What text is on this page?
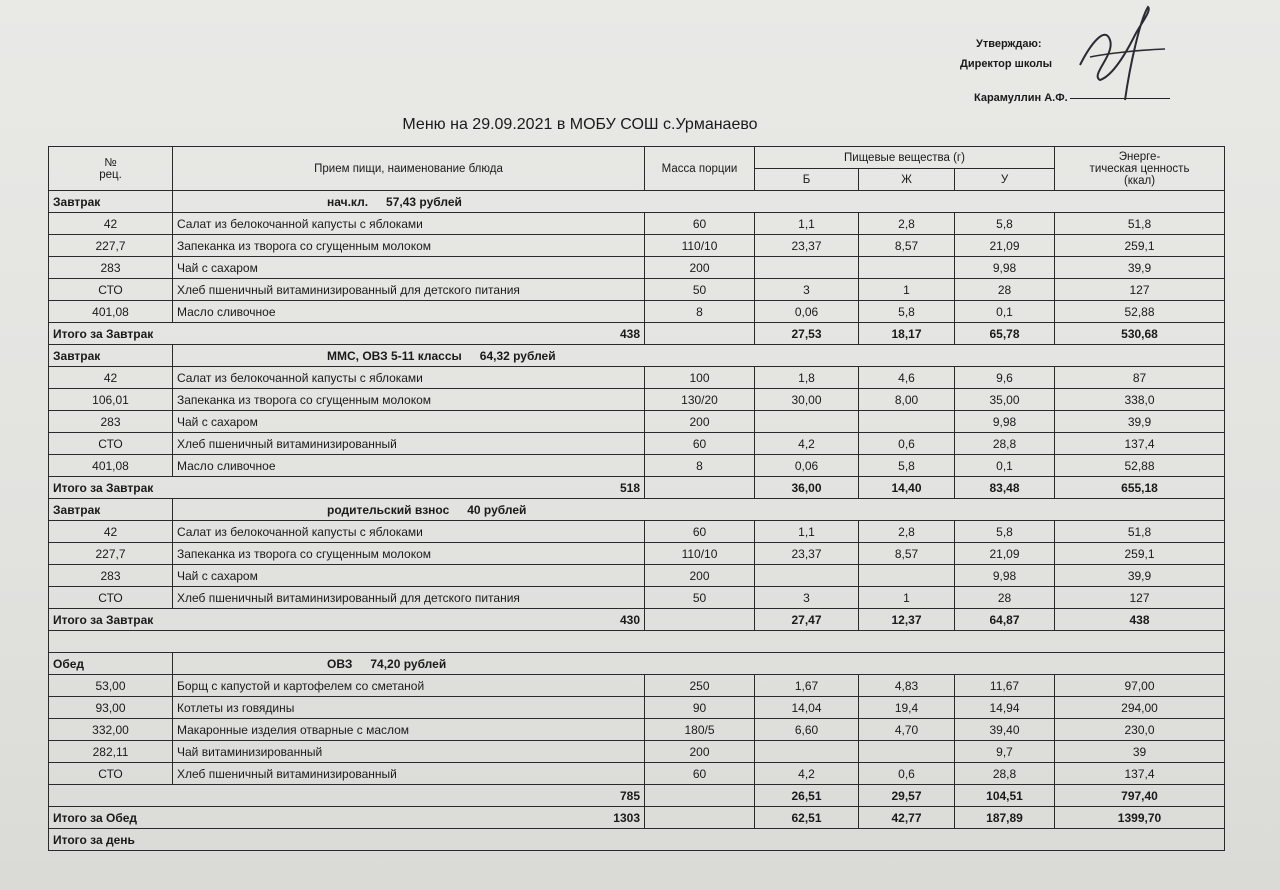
Утверждаю:
Директор школы
Карамуллин А.Ф.
Меню на 29.09.2021 в МОБУ СОШ с.Урманаево
№
рец.	Прием пищи, наименование блюда	Масса порции	Пищевые вещества (г)			Энерге-
тическая ценность
(ккал)
			Б	Ж	У	
Завтрак	нач.кл. 57,43 рублей					
42	Салат из белокочанной капусты с яблоками	60	1,1	2,8	5,8	51,8
227,7	Запеканка из творога со сгущенным молоком	110/10	23,37	8,57	21,09	259,1
283	Чай с сахаром	200			9,98	39,9
СТО	Хлеб пшеничный витаминизированный для детского питания	50	3	1	28	127
401,08	Масло сливочное	8	0,06	5,8	0,1	52,88
Итого за Завтрак 438			27,53	18,17	65,78	530,68
Завтрак	ММС, ОВЗ 5-11 классы 64,32 рублей					
42	Салат из белокочанной капусты с яблоками	100	1,8	4,6	9,6	87
106,01	Запеканка из творога со сгущенным молоком	130/20	30,00	8,00	35,00	338,0
283	Чай с сахаром	200			9,98	39,9
СТО	Хлеб пшеничный витаминизированный	60	4,2	0,6	28,8	137,4
401,08	Масло сливочное	8	0,06	5,8	0,1	52,88
Итого за Завтрак 518			36,00	14,40	83,48	655,18
Завтрак	родительский взнос 40 рублей					
42	Салат из белокочанной капусты с яблоками	60	1,1	2,8	5,8	51,8
227,7	Запеканка из творога со сгущенным молоком	110/10	23,37	8,57	21,09	259,1
283	Чай с сахаром	200			9,98	39,9
СТО	Хлеб пшеничный витаминизированный для детского питания	50	3	1	28	127
Итого за Завтрак 430			27,47	12,37	64,87	438

Обед	ОВЗ 74,20 рублей					
53,00	Борщ с капустой и картофелем со сметаной	250	1,67	4,83	11,67	97,00
93,00	Котлеты из говядины	90	14,04	19,4	14,94	294,00
332,00	Макаронные изделия отварные с маслом	180/5	6,60	4,70	39,40	230,0
282,11	Чай витаминизированный	200			9,7	39
СТО	Хлеб пшеничный витаминизированный	60	4,2	0,6	28,8	137,4

785			26,51	29,57	104,51	797,40
Итого за Обед 1303			62,51	42,77	187,89	1399,70
Итого за день						
